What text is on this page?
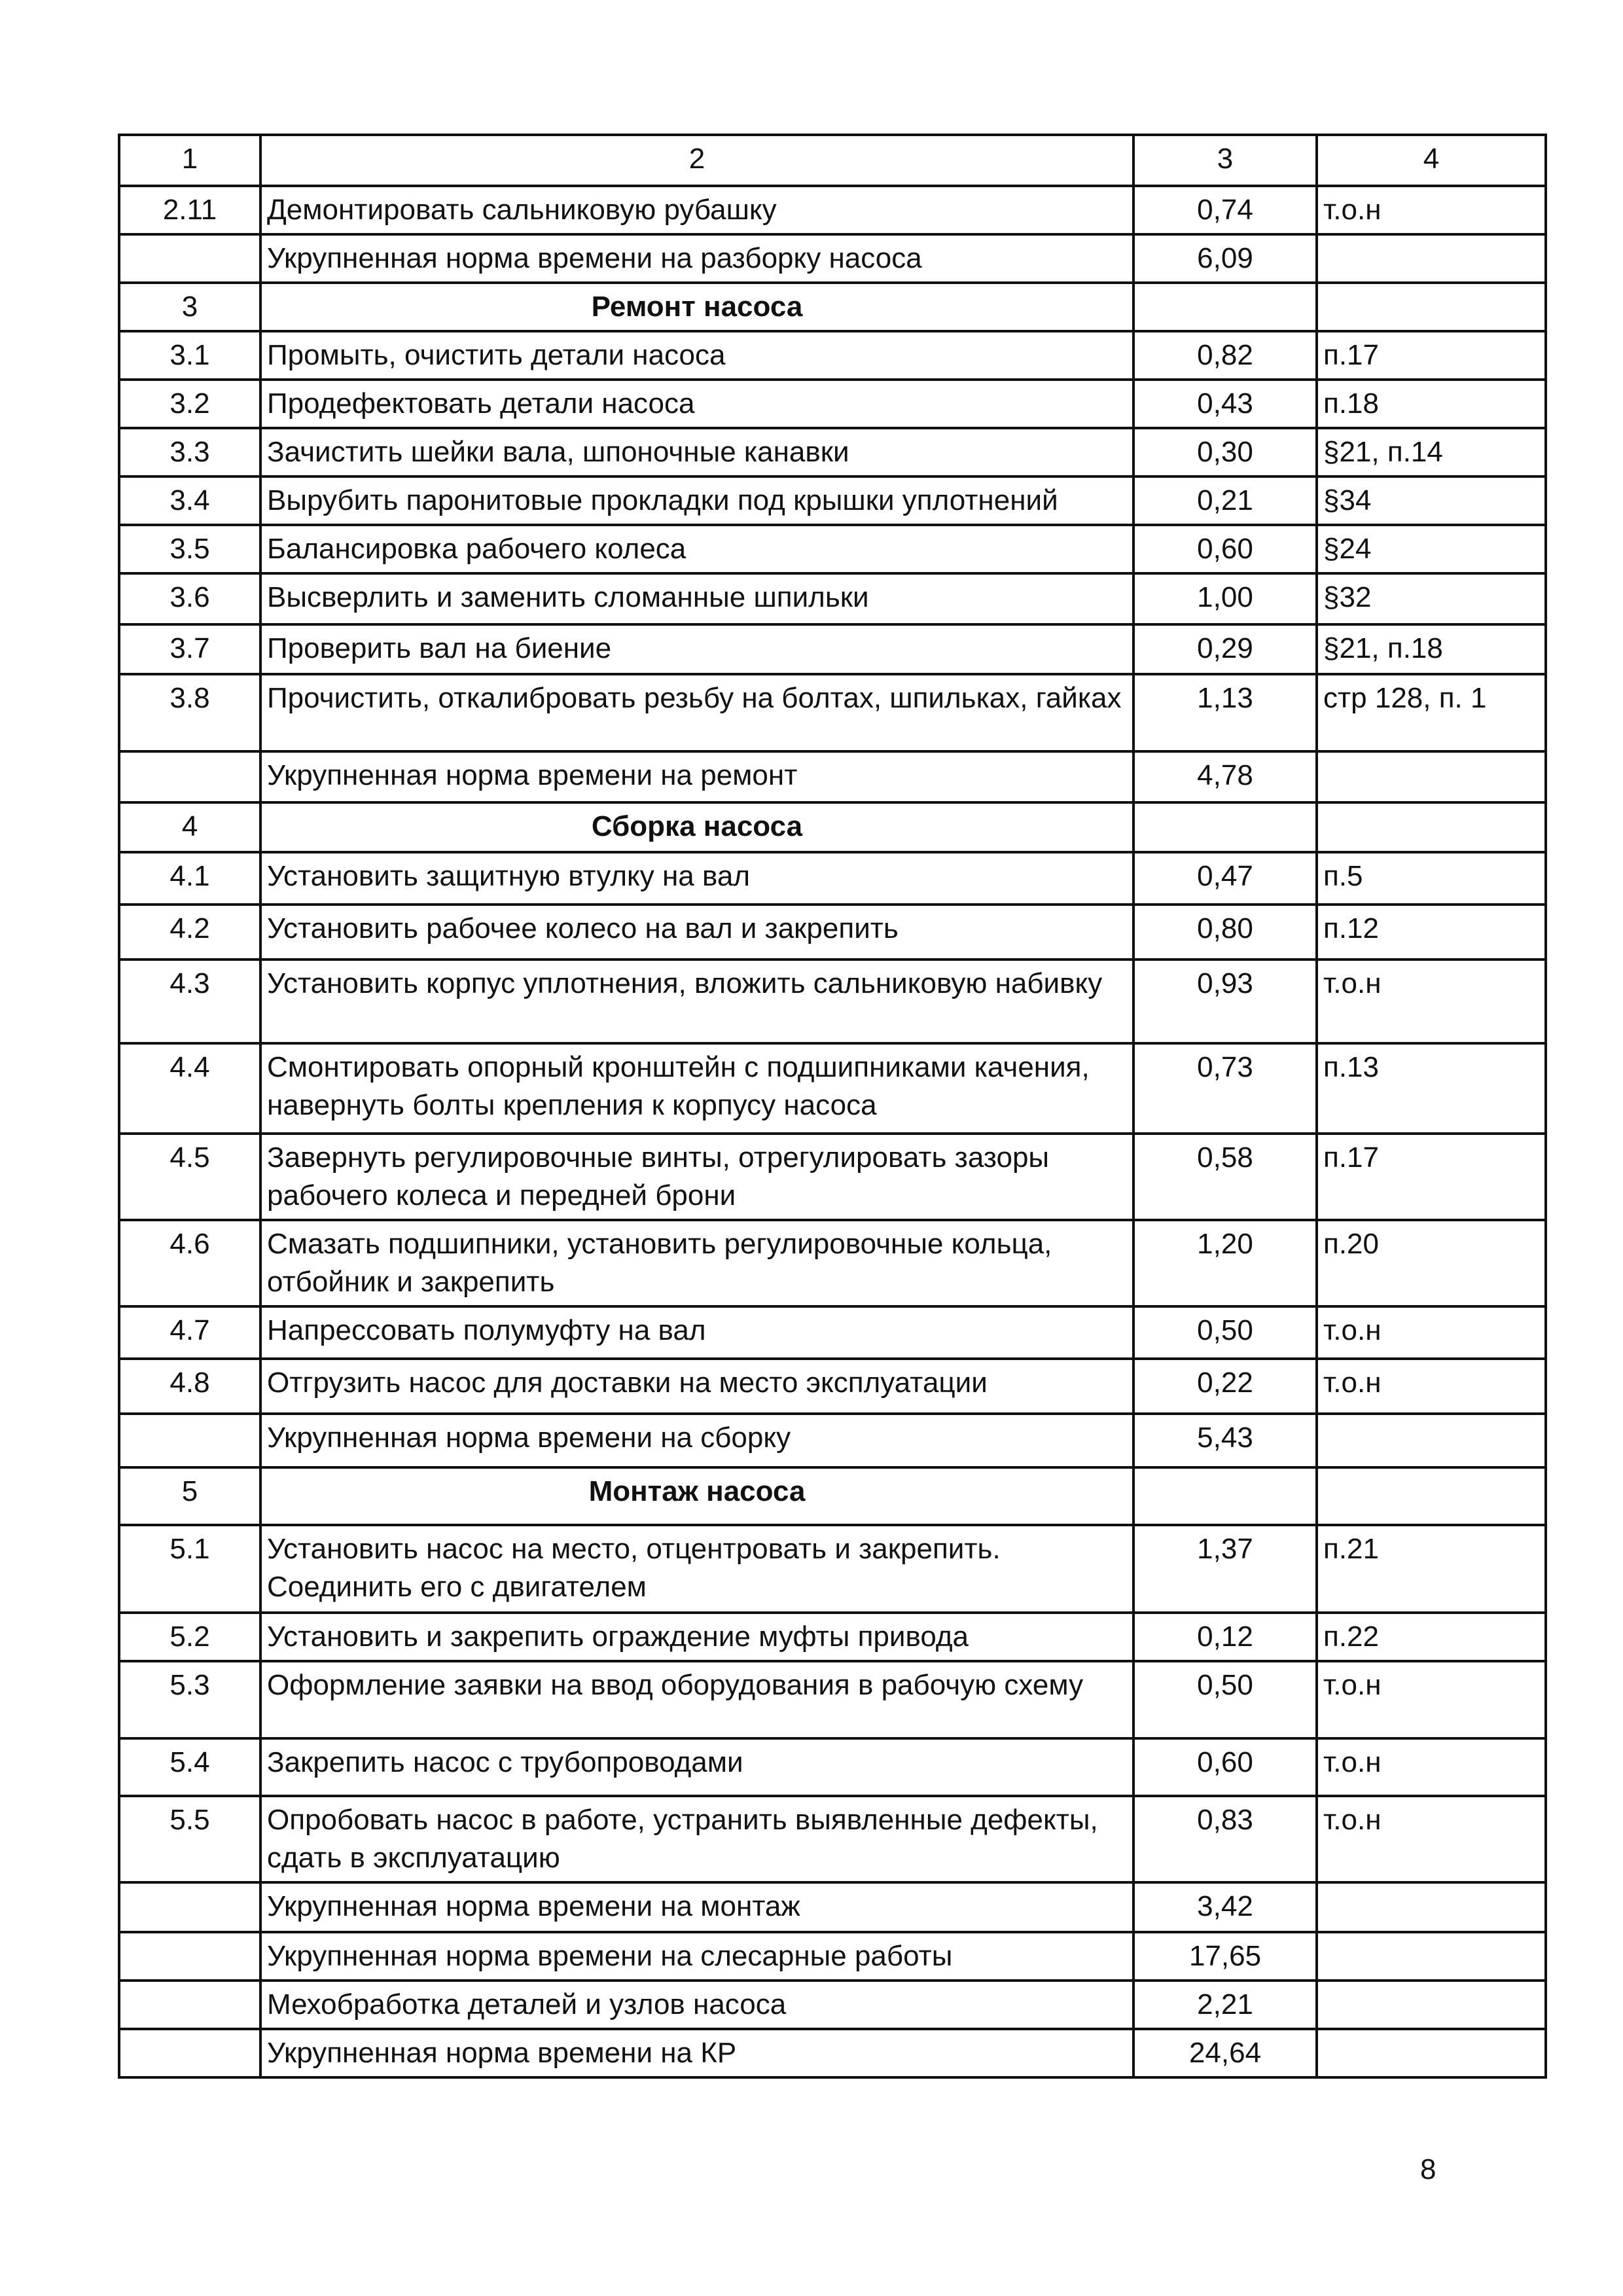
1	2	3	4
2.11	Демонтировать сальниковую рубашку	0,74	т.о.н
	Укрупненная норма времени на разборку насоса	6,09	
3	Ремонт насоса		
3.1	Промыть, очистить детали насоса	0,82	п.17
3.2	Продефектовать детали насоса	0,43	п.18
3.3	Зачистить шейки вала, шпоночные канавки	0,30	§21, п.14
3.4	Вырубить паронитовые прокладки под крышки уплотнений	0,21	§34
3.5	Балансировка рабочего колеса	0,60	§24
3.6	Высверлить и заменить сломанные шпильки	1,00	§32
3.7	Проверить вал на биение	0,29	§21, п.18
3.8	Прочистить, откалибровать резьбу на болтах, шпильках, гайках	1,13	стр 128, п. 1
	Укрупненная норма времени на ремонт	4,78	
4	Сборка насоса		
4.1	Установить защитную втулку на вал	0,47	п.5
4.2	Установить рабочее колесо на вал и закрепить	0,80	п.12
4.3	Установить корпус уплотнения, вложить сальниковую набивку	0,93	т.о.н
4.4	Смонтировать опорный кронштейн с подшипниками качения, навернуть болты крепления к корпусу насоса	0,73	п.13
4.5	Завернуть регулировочные винты, отрегулировать зазоры рабочего колеса и передней брони	0,58	п.17
4.6	Смазать подшипники, установить регулировочные кольца, отбойник и закрепить	1,20	п.20
4.7	Напрессовать полумуфту на вал	0,50	т.о.н
4.8	Отгрузить насос для доставки на место эксплуатации	0,22	т.о.н
	Укрупненная норма времени на сборку	5,43	
5	Монтаж насоса		
5.1	Установить насос на место, отцентровать и закрепить. Соединить его с двигателем	1,37	п.21
5.2	Установить и закрепить ограждение муфты привода	0,12	п.22
5.3	Оформление заявки на ввод оборудования в рабочую схему	0,50	т.о.н
5.4	Закрепить насос с трубопроводами	0,60	т.о.н
5.5	Опробовать насос в работе, устранить выявленные дефекты, сдать в эксплуатацию	0,83	т.о.н
	Укрупненная норма времени на монтаж	3,42	
	Укрупненная норма времени на слесарные работы	17,65	
	Мехобработка деталей и узлов насоса	2,21	
	Укрупненная норма времени на КР	24,64	
8
